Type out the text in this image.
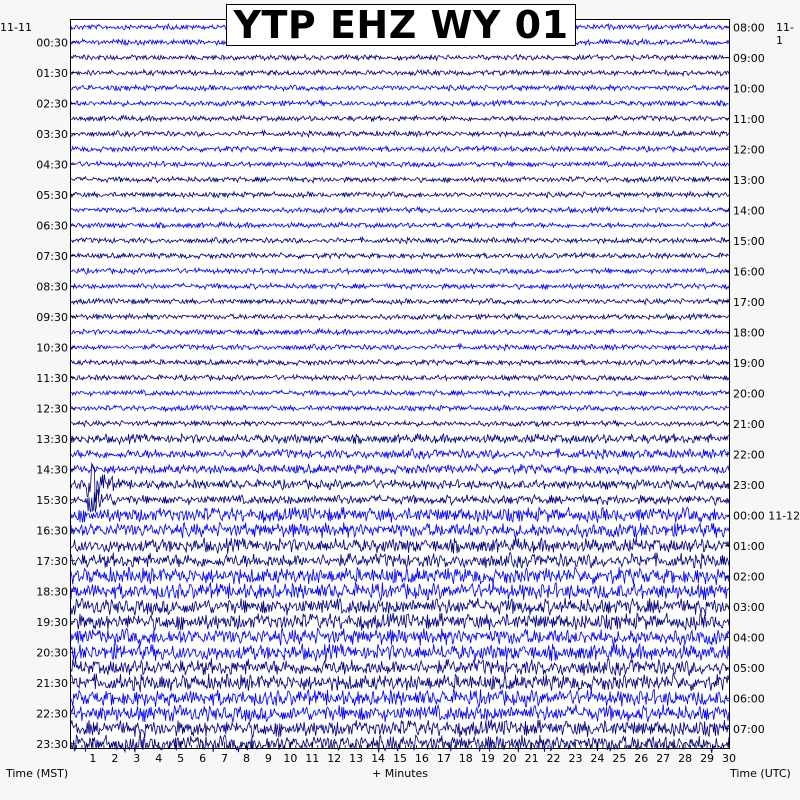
1 2 3 4 5 6 7 8 9 10 11 12 13 14 15 16 17 18 19 20 21 22 23 24 25 26 27 28 29 30
00:30
01:30
02:30
03:30
04:30
05:30
06:30
07:30
08:30
09:30
10:30
11:30
12:30
13:30
14:30
15:30
16:30
17:30
18:30
19:30
20:30
21:30
22:30
23:30
08:00
09:00
10:00
11:00
12:00
13:00
14:00
15:00
16:00
17:00
18:00
19:00
20:00
21:00
22:00
23:00
00:00 11-12
01:00
02:00
03:00
04:00
05:00
06:00
07:00
YTP EHZ WY 01
11-11	11-1
Time (MST)	+ Minutes	Time (UTC)
